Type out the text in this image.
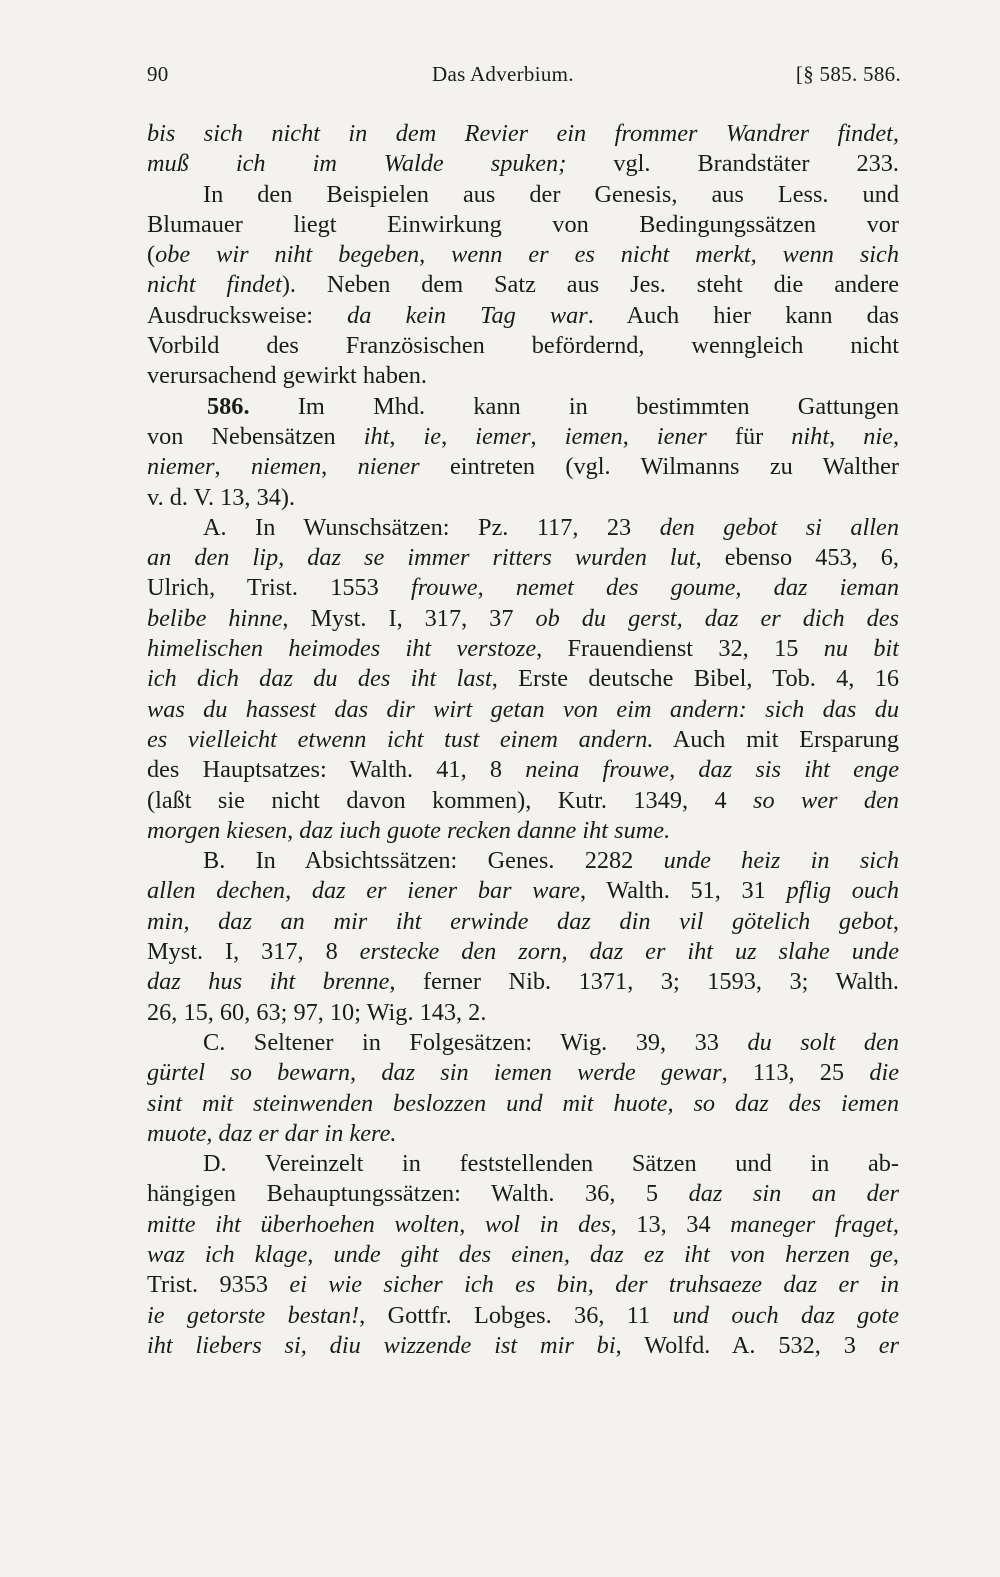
90	Das Adverbium.	[§ 585. 586.
bis sich nicht in dem Revier ein frommer Wandrer findet,
muß ich im Walde spuken; vgl. Brandstäter 233.
In den Beispielen aus der Genesis, aus Less. und
Blumauer liegt Einwirkung von Bedingungssätzen vor
(obe wir niht begeben, wenn er es nicht merkt, wenn sich
nicht findet). Neben dem Satz aus Jes. steht die andere
Ausdrucksweise: da kein Tag war. Auch hier kann das
Vorbild des Französischen befördernd, wenngleich nicht
verursachend gewirkt haben.
586. Im Mhd. kann in bestimmten Gattungen
von Nebensätzen iht, ie, iemer, iemen, iener für niht, nie,
niemer, niemen, niener eintreten (vgl. Wilmanns zu Walther
v. d. V. 13, 34).
A. In Wunschsätzen: Pz. 117, 23 den gebot si allen
an den lip, daz se immer ritters wurden lut, ebenso 453, 6,
Ulrich, Trist. 1553 frouwe, nemet des goume, daz ieman
belibe hinne, Myst. I, 317, 37 ob du gerst, daz er dich des
himelischen heimodes iht verstoze, Frauendienst 32, 15 nu bit
ich dich daz du des iht last, Erste deutsche Bibel, Tob. 4, 16
was du hassest das dir wirt getan von eim andern: sich das du
es vielleicht etwenn icht tust einem andern. Auch mit Ersparung
des Hauptsatzes: Walth. 41, 8 neina frouwe, daz sis iht enge
(laßt sie nicht davon kommen), Kutr. 1349, 4 so wer den
morgen kiesen, daz iuch guote recken danne iht sume.
B. In Absichtssätzen: Genes. 2282 unde heiz in sich
allen dechen, daz er iener bar ware, Walth. 51, 31 pflig ouch
min, daz an mir iht erwinde daz din vil götelich gebot,
Myst. I, 317, 8 erstecke den zorn, daz er iht uz slahe unde
daz hus iht brenne, ferner Nib. 1371, 3; 1593, 3; Walth.
26, 15, 60, 63; 97, 10; Wig. 143, 2.
C. Seltener in Folgesätzen: Wig. 39, 33 du solt den
gürtel so bewarn, daz sin iemen werde gewar, 113, 25 die
sint mit steinwenden beslozzen und mit huote, so daz des iemen
muote, daz er dar in kere.
D. Vereinzelt in feststellenden Sätzen und in ab-
hängigen Behauptungssätzen: Walth. 36, 5 daz sin an der
mitte iht überhoehen wolten, wol in des, 13, 34 maneger fraget,
waz ich klage, unde giht des einen, daz ez iht von herzen ge,
Trist. 9353 ei wie sicher ich es bin, der truhsaeze daz er in
ie getorste bestan!, Gottfr. Lobges. 36, 11 und ouch daz gote
iht liebers si, diu wizzende ist mir bi, Wolfd. A. 532, 3 er
